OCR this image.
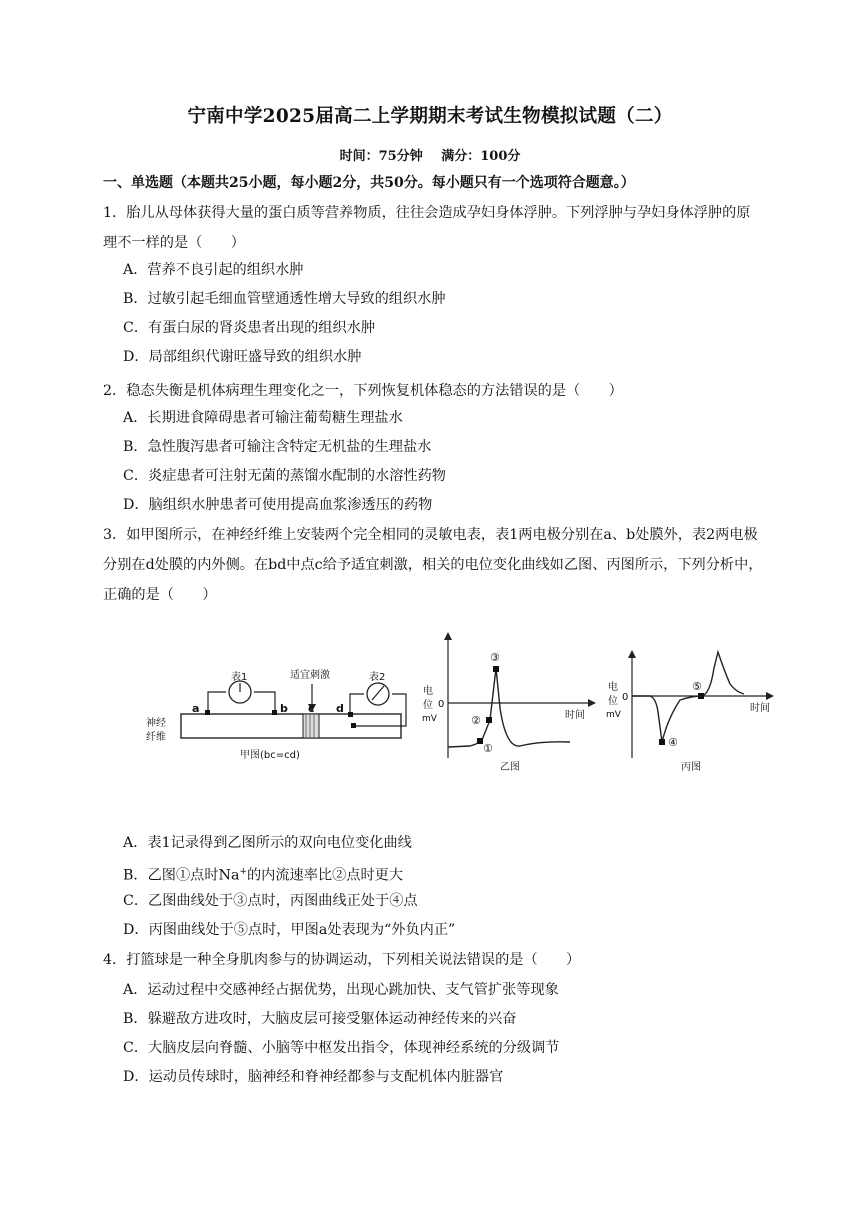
宁南中学2025届高二上学期期末考试生物模拟试题（二）
时间：75分钟 满分：100分
一、单选题（本题共25小题，每小题2分，共50分。每小题只有一个选项符合题意。）
1．胎儿从母体获得大量的蛋白质等营养物质，往往会造成孕妇身体浮肿。下列浮肿与孕妇身体浮肿的原理不一样的是（　　）
A．营养不良引起的组织水肿
B．过敏引起毛细血管壁通透性增大导致的组织水肿
C．有蛋白尿的肾炎患者出现的组织水肿
D．局部组织代谢旺盛导致的组织水肿
2．稳态失衡是机体病理生理变化之一，下列恢复机体稳态的方法错误的是（　　）
A．长期进食障碍患者可输注葡萄糖生理盐水
B．急性腹泻患者可输注含特定无机盐的生理盐水
C．炎症患者可注射无菌的蒸馏水配制的水溶性药物
D．脑组织水肿患者可使用提高血浆渗透压的药物
3．如甲图所示，在神经纤维上安装两个完全相同的灵敏电表，表1两电极分别在a、b处膜外，表2两电极分别在d处膜的内外侧。在bd中点c给予适宜刺激，相关的电位变化曲线如乙图、丙图所示，下列分析中，正确的是（　　）
表1	表2
适宜刺激
a	b c d
神经
纤维
甲图(bc=cd)
电
位
mV
0
时间
①
②
③
乙图
电
位
mV
0
时间
④
⑤
丙图
A．表1记录得到乙图所示的双向电位变化曲线
B．乙图①点时Na+的内流速率比②点时更大
C．乙图曲线处于③点时，丙图曲线正处于④点
D．丙图曲线处于⑤点时，甲图a处表现为“外负内正”
4．打篮球是一种全身肌肉参与的协调运动，下列相关说法错误的是（　　）
A．运动过程中交感神经占据优势，出现心跳加快、支气管扩张等现象
B．躲避敌方进攻时，大脑皮层可接受躯体运动神经传来的兴奋
C．大脑皮层向脊髓、小脑等中枢发出指令，体现神经系统的分级调节
D．运动员传球时，脑神经和脊神经都参与支配机体内脏器官
